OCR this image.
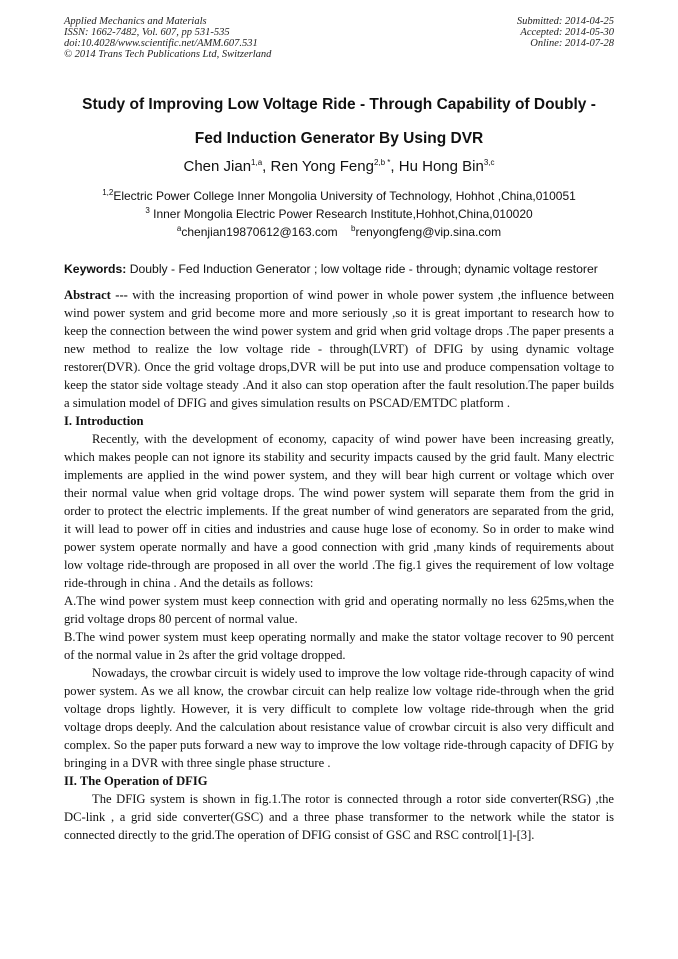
Applied Mechanics and Materials
ISSN: 1662-7482, Vol. 607, pp 531-535
doi:10.4028/www.scientific.net/AMM.607.531
© 2014 Trans Tech Publications Ltd, Switzerland
Submitted: 2014-04-25
Accepted: 2014-05-30
Online: 2014-07-28
Study of Improving Low Voltage Ride - Through Capability of Doubly -
Fed Induction Generator By Using DVR
Chen Jian$^{1,a}$, Ren Yong Feng$^{2,b *}$, Hu Hong Bin$^{3,c}$
$^{1,2}$Electric Power College Inner Mongolia University of Technology, Hohhot ,China,010051
$^3$ Inner Mongolia Electric Power Research Institute,Hohhot,China,010020
$^a$chenjian19870612@163.com $^b$renyongfeng@vip.sina.com
Keywords: Doubly - Fed Induction Generator ; low voltage ride - through; dynamic voltage restorer

Abstract --- with the increasing proportion of wind power in whole power system ,the influence between wind power system and grid become more and more seriously ,so it is great important to research how to keep the connection between the wind power system and grid when grid voltage drops .The paper presents a new method to realize the low voltage ride - through(LVRT) of DFIG by using dynamic voltage restorer(DVR). Once the grid voltage drops,DVR will be put into use and produce compensation voltage to keep the stator side voltage steady .And it also can stop operation after the fault resolution.The paper builds a simulation model of DFIG and gives simulation results on PSCAD/EMTDC platform .

I. Introduction

Recently, with the development of economy, capacity of wind power have been increasing greatly, which makes people can not ignore its stability and security impacts caused by the grid fault. Many electric implements are applied in the wind power system, and they will bear high current or voltage which over their normal value when grid voltage drops. The wind power system will separate them from the grid in order to protect the electric implements. If the great number of wind generators are separated from the grid, it will lead to power off in cities and industries and cause huge lose of economy. So in order to make wind power system operate normally and have a good connection with grid ,many kinds of requirements about low voltage ride-through are proposed in all over the world .The fig.1 gives the requirement of low voltage ride-through in china . And the details as follows:

A.The wind power system must keep connection with grid and operating normally no less 625ms,when the grid voltage drops 80 percent of normal value.

B.The wind power system must keep operating normally and make the stator voltage recover to 90 percent of the normal value in 2s after the grid voltage dropped.

Nowadays, the crowbar circuit is widely used to improve the low voltage ride-through capacity of wind power system. As we all know, the crowbar circuit can help realize low voltage ride-through when the grid voltage drops lightly. However, it is very difficult to complete low voltage ride-through when the grid voltage drops deeply. And the calculation about resistance value of crowbar circuit is also very difficult and complex. So the paper puts forward a new way to improve the low voltage ride-through capacity of DFIG by bringing in a DVR with three single phase structure .

II. The Operation of DFIG

The DFIG system is shown in fig.1.The rotor is connected through a rotor side converter(RSG) ,the DC-link , a grid side converter(GSC) and a three phase transformer to the network while the stator is connected directly to the grid.The operation of DFIG consist of GSC and RSC control[1]-[3].
